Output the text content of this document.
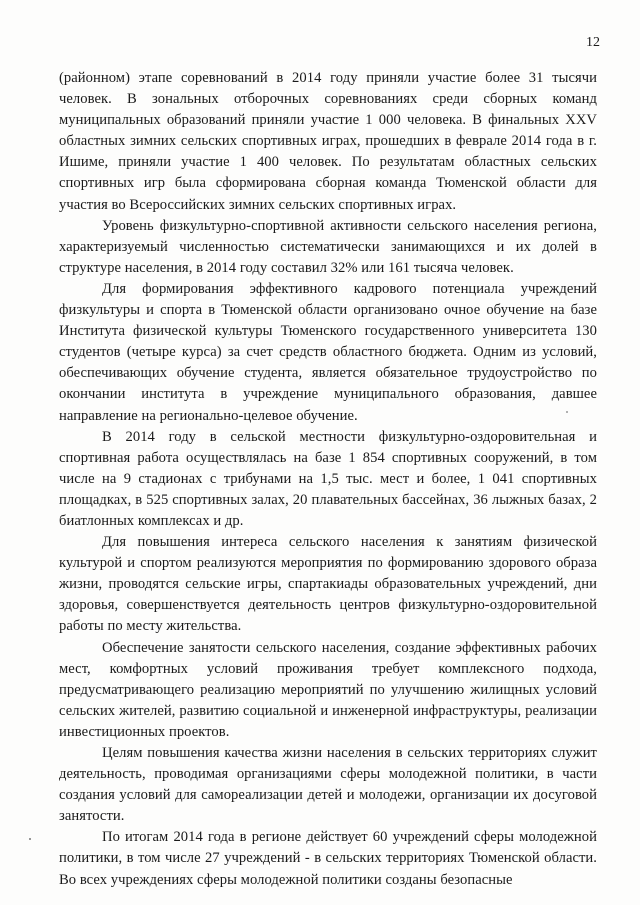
12

(районном) этапе соревнований в 2014 году приняли участие более 31 тысячи человек. В зональных отборочных соревнованиях среди сборных команд муниципальных образований приняли участие 1 000 человека. В финальных XXV областных зимних сельских спортивных играх, прошедших в феврале 2014 года в г. Ишиме, приняли участие 1 400 человек. По результатам областных сельских спортивных игр была сформирована сборная команда Тюменской области для участия во Всероссийских зимних сельских спортивных играх.

Уровень физкультурно-спортивной активности сельского населения региона, характеризуемый численностью систематически занимающихся и их долей в структуре населения, в 2014 году составил 32% или 161 тысяча человек.

Для формирования эффективного кадрового потенциала учреждений физкультуры и спорта в Тюменской области организовано очное обучение на базе Института физической культуры Тюменского государственного университета 130 студентов (четыре курса) за счет средств областного бюджета. Одним из условий, обеспечивающих обучение студента, является обязательное трудоустройство по окончании института в учреждение муниципального образования, давшее направление на регионально-целевое обучение.

В 2014 году в сельской местности физкультурно-оздоровительная и спортивная работа осуществлялась на базе 1 854 спортивных сооружений, в том числе на 9 стадионах с трибунами на 1,5 тыс. мест и более, 1 041 спортивных площадках, в 525 спортивных залах, 20 плавательных бассейнах, 36 лыжных базах, 2 биатлонных комплексах и др.

Для повышения интереса сельского населения к занятиям физической культурой и спортом реализуются мероприятия по формированию здорового образа жизни, проводятся сельские игры, спартакиады образовательных учреждений, дни здоровья, совершенствуется деятельность центров физкультурно-оздоровительной работы по месту жительства.

Обеспечение занятости сельского населения, создание эффективных рабочих мест, комфортных условий проживания требует комплексного подхода, предусматривающего реализацию мероприятий по улучшению жилищных условий сельских жителей, развитию социальной и инженерной инфраструктуры, реализации инвестиционных проектов.

Целям повышения качества жизни населения в сельских территориях служит деятельность, проводимая организациями сферы молодежной политики, в части создания условий для самореализации детей и молодежи, организации их досуговой занятости.

По итогам 2014 года в регионе действует 60 учреждений сферы молодежной политики, в том числе 27 учреждений - в сельских территориях Тюменской области. Во всех учреждениях сферы молодежной политики созданы безопасные
